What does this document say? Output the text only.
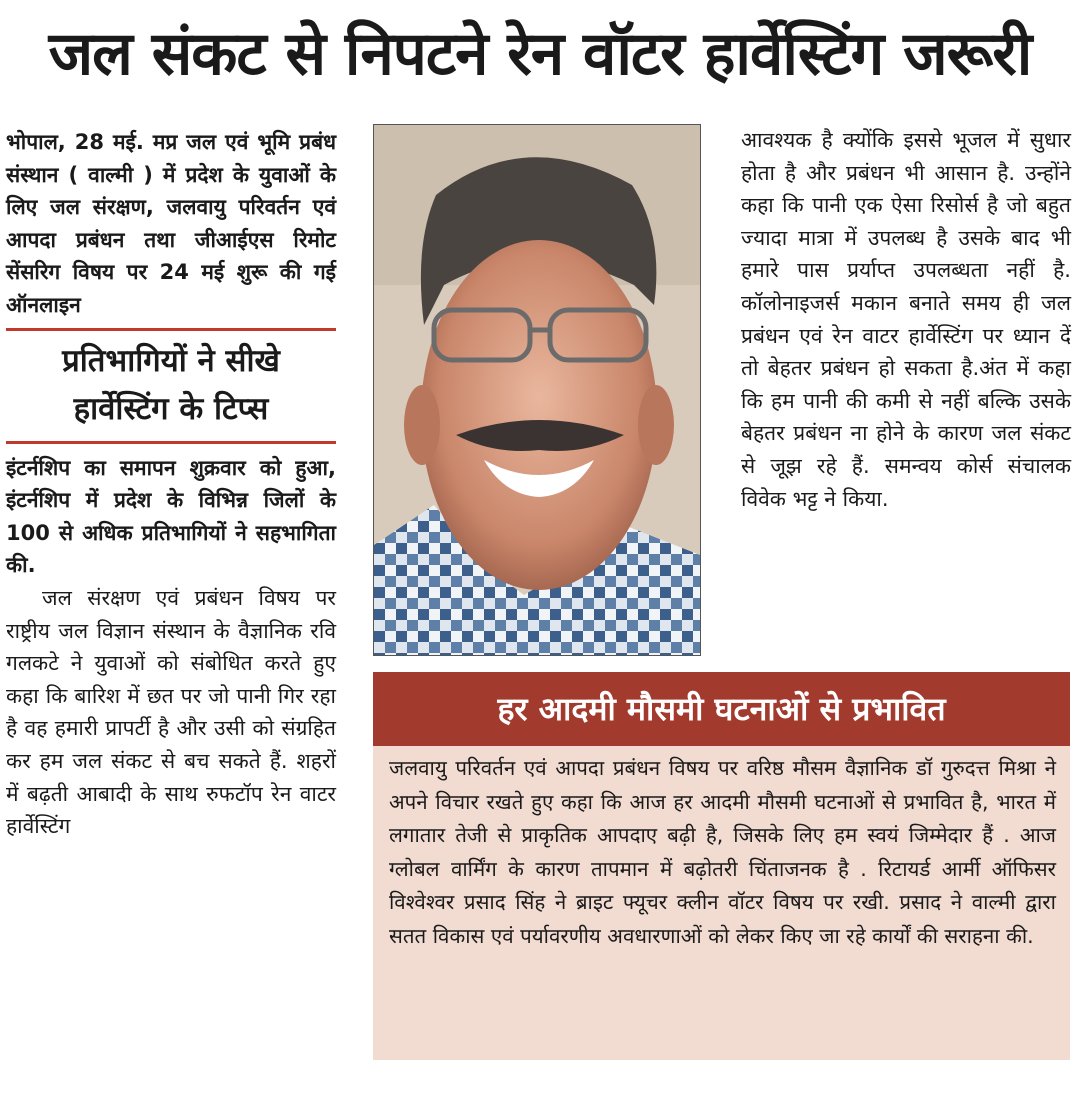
जल संकट से निपटने रेन वॉटर हार्वेस्टिंग जरूरी

भोपाल, 28 मई. मप्र जल एवं भूमि प्रबंध संस्थान ( वाल्मी ) में प्रदेश के युवाओं के लिए जल संरक्षण, जलवायु परिवर्तन एवं आपदा प्रबंधन तथा जीआईएस रिमोट सेंसरिग विषय पर 24 मई शुरू की गई ऑनलाइन

प्रतिभागियों ने सीखे

हार्वेस्टिंग के टिप्स

इंटर्नशिप का समापन शुक्रवार को हुआ, इंटर्नशिप में प्रदेश के विभिन्न जिलों के 100 से अधिक प्रतिभागियों ने सहभागिता की.

जल संरक्षण एवं प्रबंधन विषय पर राष्ट्रीय जल विज्ञान संस्थान के वैज्ञानिक रवि गलकटे ने युवाओं को संबोधित करते हुए कहा कि बारिश में छत पर जो पानी गिर रहा है वह हमारी प्रापर्टी है और उसी को संग्रहित कर हम जल संकट से बच सकते हैं. शहरों में बढ़ती आबादी के साथ रुफटॉप रेन वाटर हार्वेस्टिंग

आवश्यक है क्योंकि इससे भूजल में सुधार होता है और प्रबंधन भी आसान है. उन्होंने कहा कि पानी एक ऐसा रिसोर्स है जो बहुत ज्यादा मात्रा में उपलब्ध है उसके बाद भी हमारे पास प्रर्याप्त उपलब्धता नहीं है. कॉलोनाइजर्स मकान बनाते समय ही जल प्रबंधन एवं रेन वाटर हार्वेस्टिंग पर ध्यान दें तो बेहतर प्रबंधन हो सकता है.अंत में कहा कि हम पानी की कमी से नहीं बल्कि उसके बेहतर प्रबंधन ना होने के कारण जल संकट से जूझ रहे हैं. समन्वय कोर्स संचालक विवेक भट्ट ने किया.

हर आदमी मौसमी घटनाओं से प्रभावित

जलवायु परिवर्तन एवं आपदा प्रबंधन विषय पर वरिष्ठ मौसम वैज्ञानिक डॉ गुरुदत्त मिश्रा ने अपने विचार रखते हुए कहा कि आज हर आदमी मौसमी घटनाओं से प्रभावित है, भारत में लगातार तेजी से प्राकृतिक आपदाए बढ़ी है, जिसके लिए हम स्वयं जिम्मेदार हैं . आज ग्लोबल वार्मिंग के कारण तापमान में बढ़ोतरी चिंताजनक है . रिटायर्ड आर्मी ऑफिसर विश्वेश्वर प्रसाद सिंह ने ब्राइट फ्यूचर क्लीन वॉटर विषय पर रखी. प्रसाद ने वाल्मी द्वारा सतत विकास एवं पर्यावरणीय अवधारणाओं को लेकर किए जा रहे कार्यों की सराहना की.
